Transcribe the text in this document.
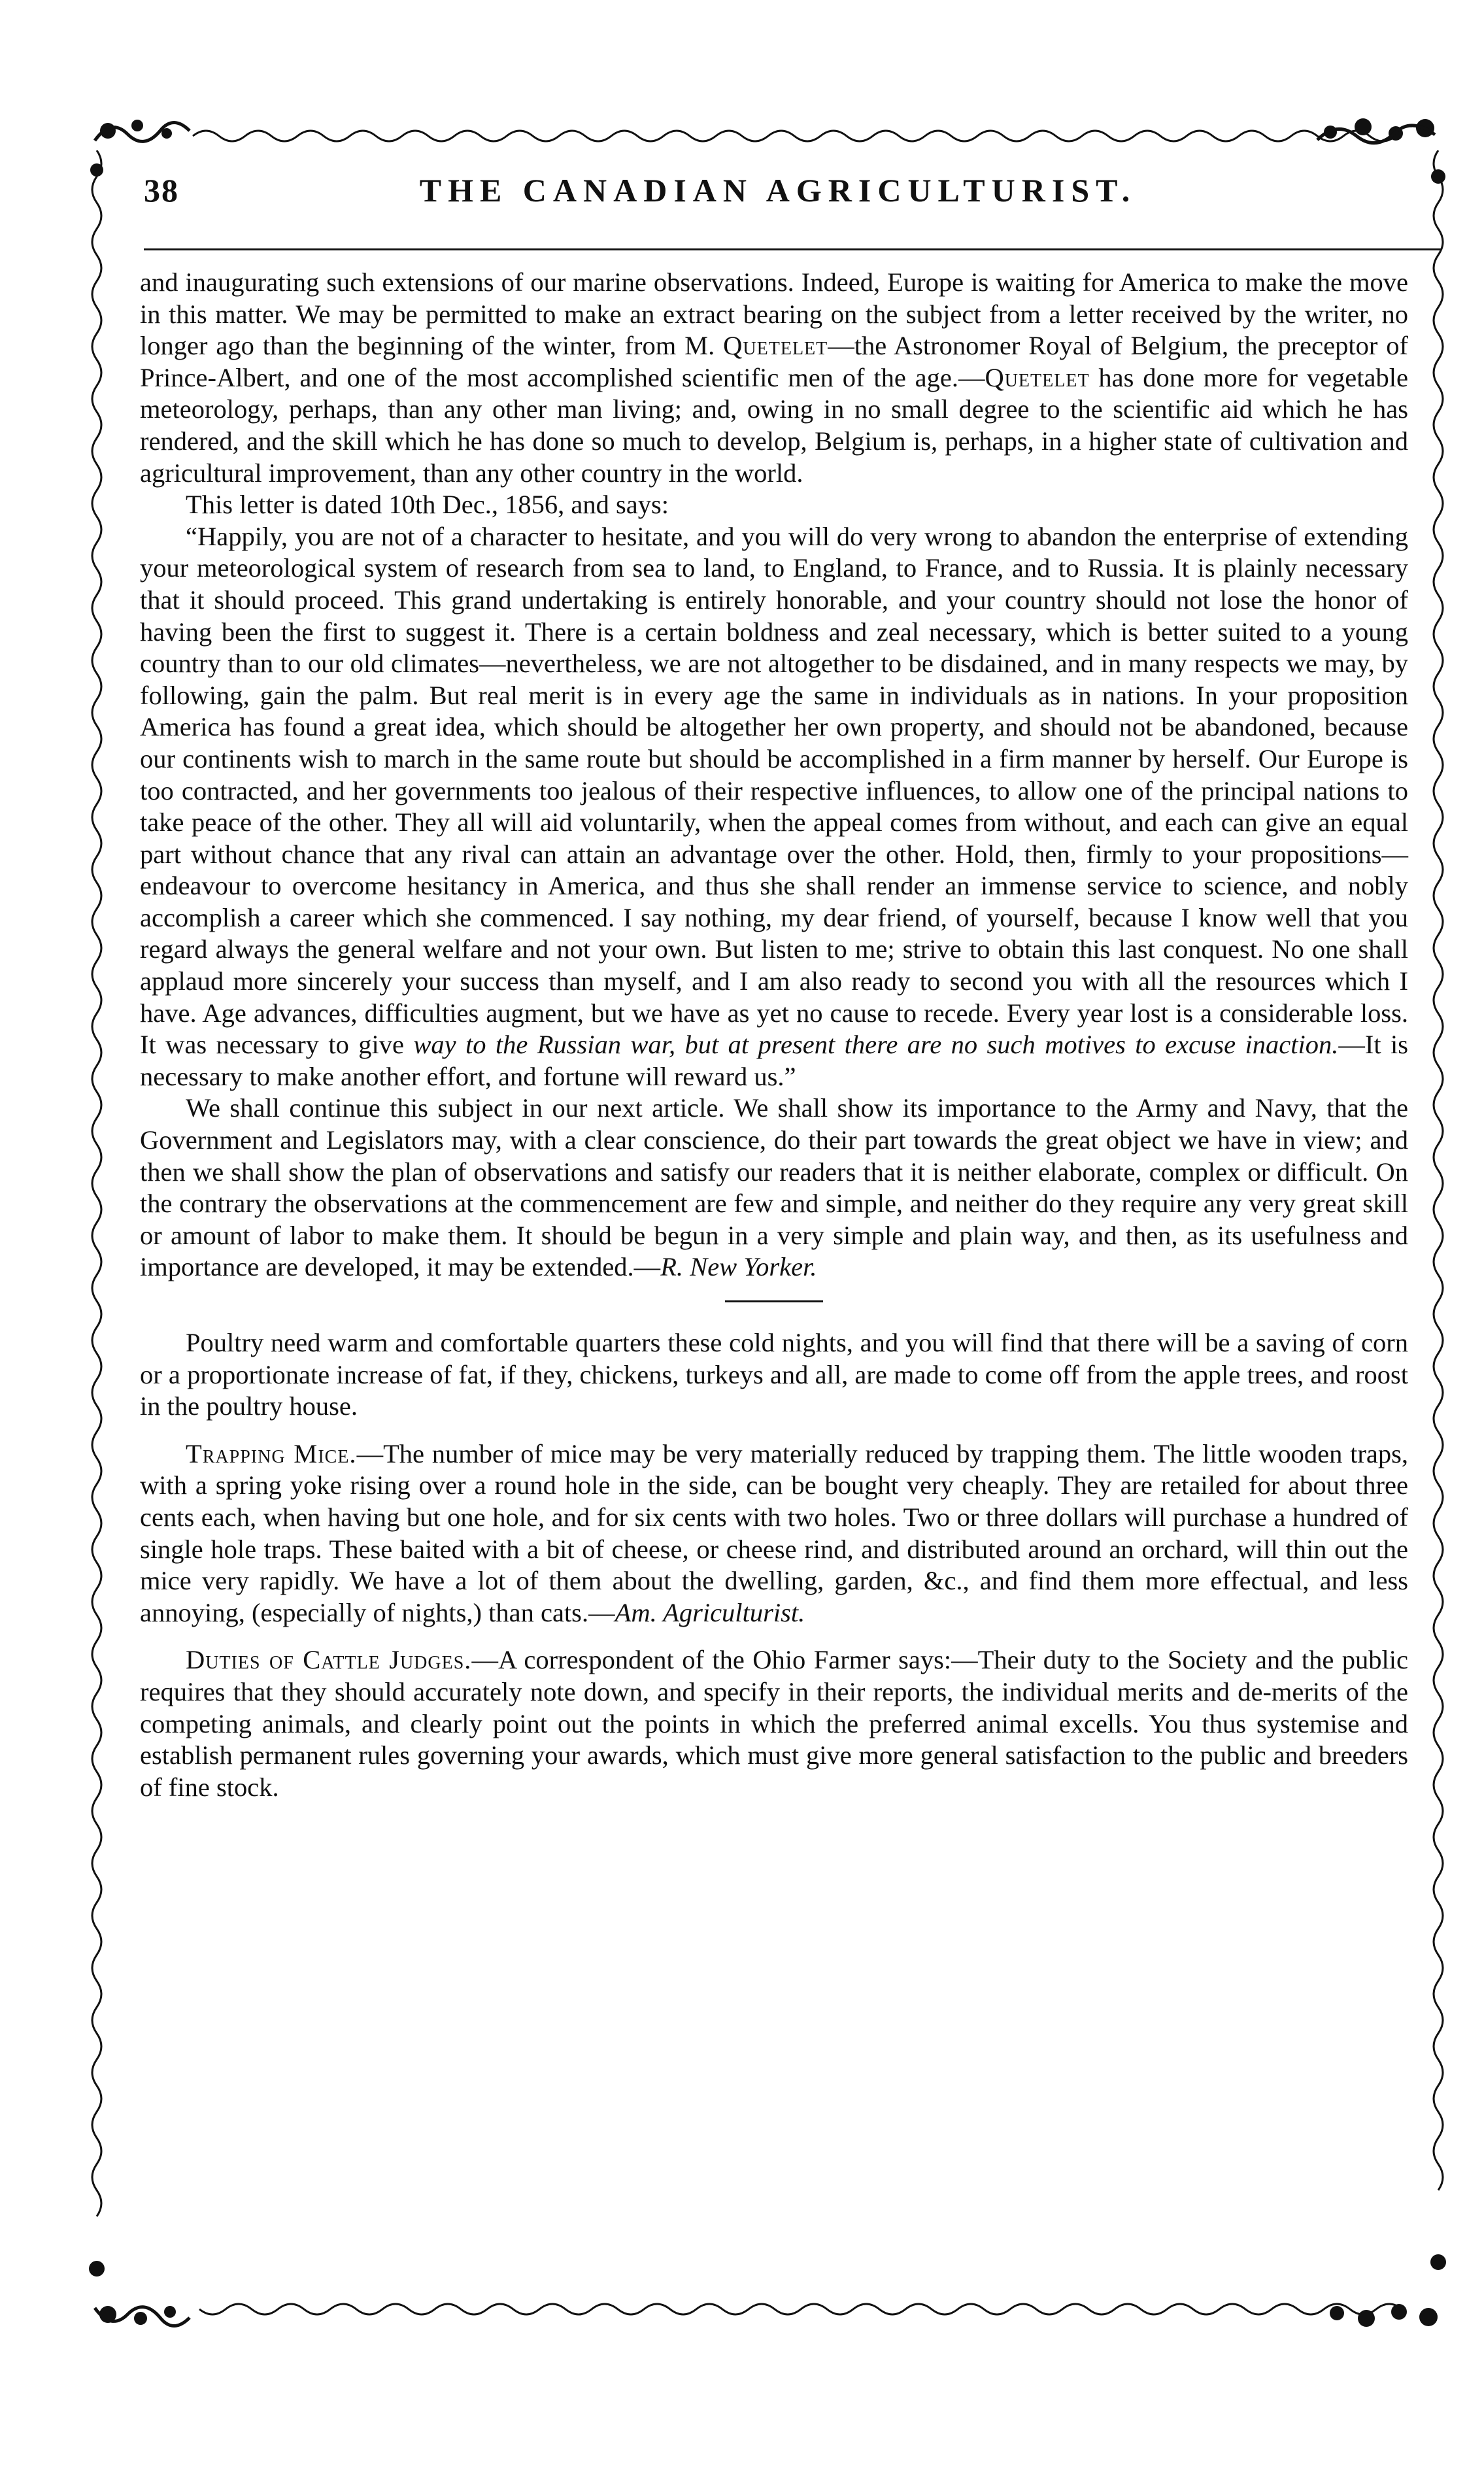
38	THE CANADIAN AGRICULTURIST.

and inaugurating such extensions of our marine observations. Indeed, Europe is waiting for America to make the move in this matter. We may be permitted to make an extract bearing on the subject from a letter received by the writer, no longer ago than the beginning of the winter, from M. Quetelet—the Astronomer Royal of Belgium, the preceptor of Prince-Albert, and one of the most accomplished scientific men of the age.—Quetelet has done more for vegetable meteorology, perhaps, than any other man living; and, owing in no small degree to the scientific aid which he has rendered, and the skill which he has done so much to develop, Belgium is, perhaps, in a higher state of cultivation and agricultural improvement, than any other country in the world.

This letter is dated 10th Dec., 1856, and says:

“Happily, you are not of a character to hesitate, and you will do very wrong to abandon the enterprise of extending your meteorological system of research from sea to land, to England, to France, and to Russia. It is plainly necessary that it should proceed. This grand undertaking is entirely honorable, and your country should not lose the honor of having been the first to suggest it. There is a certain boldness and zeal necessary, which is better suited to a young country than to our old climates—nevertheless, we are not altogether to be disdained, and in many respects we may, by following, gain the palm. But real merit is in every age the same in individuals as in nations. In your proposition America has found a great idea, which should be altogether her own property, and should not be abandoned, because our continents wish to march in the same route but should be accomplished in a firm manner by herself. Our Europe is too contracted, and her governments too jealous of their respective influences, to allow one of the principal nations to take peace of the other. They all will aid voluntarily, when the appeal comes from without, and each can give an equal part without chance that any rival can attain an advantage over the other. Hold, then, firmly to your propositions—endeavour to overcome hesitancy in America, and thus she shall render an immense service to science, and nobly accomplish a career which she commenced. I say nothing, my dear friend, of yourself, because I know well that you regard always the general welfare and not your own. But listen to me; strive to obtain this last conquest. No one shall applaud more sincerely your success than myself, and I am also ready to second you with all the resources which I have. Age advances, difficulties augment, but we have as yet no cause to recede. Every year lost is a considerable loss. It was necessary to give way to the Russian war, but at present there are no such motives to excuse inaction.—It is necessary to make another effort, and fortune will reward us.”

We shall continue this subject in our next article. We shall show its importance to the Army and Navy, that the Government and Legislators may, with a clear conscience, do their part towards the great object we have in view; and then we shall show the plan of observations and satisfy our readers that it is neither elaborate, complex or difficult. On the contrary the observations at the commencement are few and simple, and neither do they require any very great skill or amount of labor to make them. It should be begun in a very simple and plain way, and then, as its usefulness and importance are developed, it may be extended.—R. New Yorker.

Poultry need warm and comfortable quarters these cold nights, and you will find that there will be a saving of corn or a proportionate increase of fat, if they, chickens, turkeys and all, are made to come off from the apple trees, and roost in the poultry house.

Trapping Mice.—The number of mice may be very materially reduced by trapping them. The little wooden traps, with a spring yoke rising over a round hole in the side, can be bought very cheaply. They are retailed for about three cents each, when having but one hole, and for six cents with two holes. Two or three dollars will purchase a hundred of single hole traps. These baited with a bit of cheese, or cheese rind, and distributed around an orchard, will thin out the mice very rapidly. We have a lot of them about the dwelling, garden, &c., and find them more effectual, and less annoying, (especially of nights,) than cats.—Am. Agriculturist.

Duties of Cattle Judges.—A correspondent of the Ohio Farmer says:—Their duty to the Society and the public requires that they should accurately note down, and specify in their reports, the individual merits and de-merits of the competing animals, and clearly point out the points in which the preferred animal excells. You thus systemise and establish permanent rules governing your awards, which must give more general satisfaction to the public and breeders of fine stock.
